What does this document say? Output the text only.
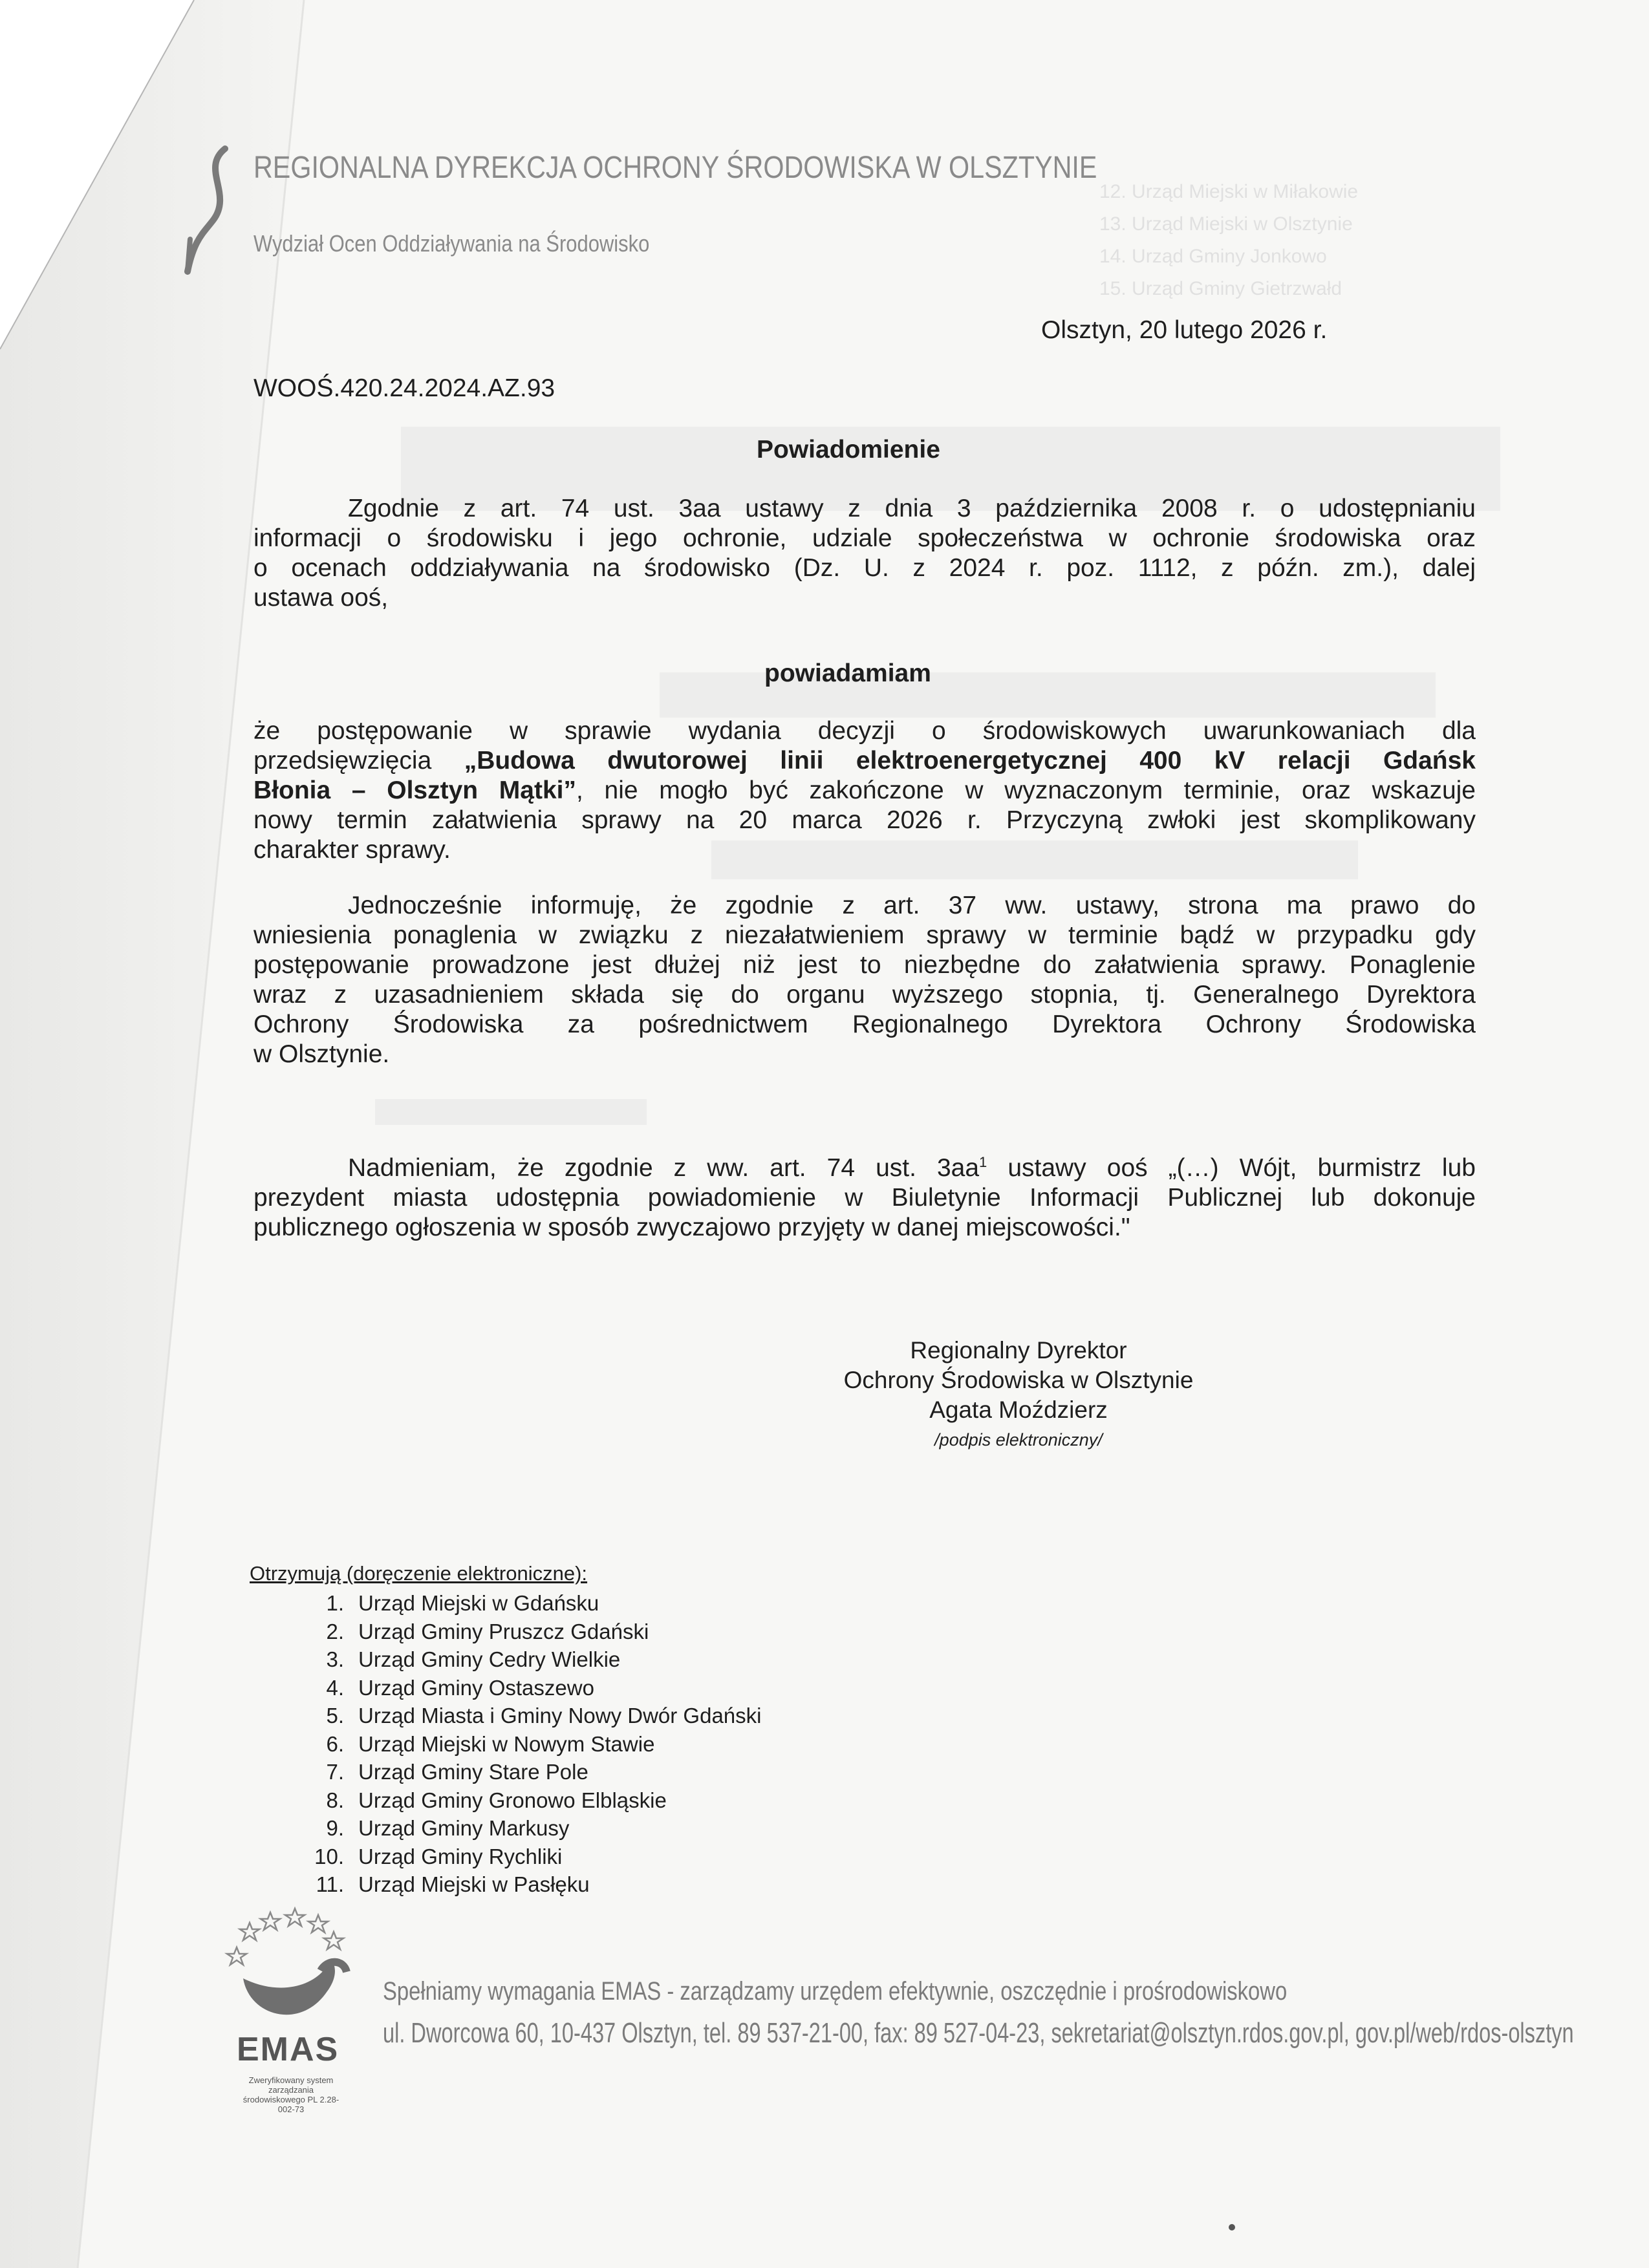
12. Urząd Miejski w Miłakowie
13. Urząd Miejski w Olsztynie
14. Urząd Gminy Jonkowo
15. Urząd Gminy Gietrzwałd
REGIONALNA DYREKCJA OCHRONY ŚRODOWISKA W OLSZTYNIE
Wydział Ocen Oddziaływania na Środowisko
Olsztyn, 20 lutego 2026 r.
WOOŚ.420.24.2024.AZ.93
Powiadomienie
Zgodnie z art. 74 ust. 3aa ustawy z dnia 3 października 2008 r. o udostępnianiu
informacji o środowisku i jego ochronie, udziale społeczeństwa w ochronie środowiska oraz
o ocenach oddziaływania na środowisko (Dz. U. z 2024 r. poz. 1112, z późn. zm.), dalej
ustawa ooś,
powiadamiam
że postępowanie w sprawie wydania decyzji o środowiskowych uwarunkowaniach dla
przedsięwzięcia „Budowa dwutorowej linii elektroenergetycznej 400 kV relacji Gdańsk
Błonia – Olsztyn Mątki”, nie mogło być zakończone w wyznaczonym terminie, oraz wskazuje
nowy termin załatwienia sprawy na 20 marca 2026 r. Przyczyną zwłoki jest skomplikowany
charakter sprawy.
Jednocześnie informuję, że zgodnie z art. 37 ww. ustawy, strona ma prawo do
wniesienia ponaglenia w związku z niezałatwieniem sprawy w terminie bądź w przypadku gdy
postępowanie prowadzone jest dłużej niż jest to niezbędne do załatwienia sprawy. Ponaglenie
wraz z uzasadnieniem składa się do organu wyższego stopnia, tj. Generalnego Dyrektora
Ochrony Środowiska za pośrednictwem Regionalnego Dyrektora Ochrony Środowiska
w Olsztynie.
Nadmieniam, że zgodnie z ww. art. 74 ust. $3aa^1$ ustawy ooś „(…) Wójt, burmistrz lub
prezydent miasta udostępnia powiadomienie w Biuletynie Informacji Publicznej lub dokonuje
publicznego ogłoszenia w sposób zwyczajowo przyjęty w danej miejscowości."
Regionalny Dyrektor
Ochrony Środowiska w Olsztynie
Agata Moździerz
/podpis elektroniczny/
Otrzymują (doręczenie elektroniczne):
1. Urząd Miejski w Gdańsku
2. Urząd Gminy Pruszcz Gdański
3. Urząd Gminy Cedry Wielkie
4. Urząd Gminy Ostaszewo
5. Urząd Miasta i Gminy Nowy Dwór Gdański
6. Urząd Miejski w Nowym Stawie
7. Urząd Gminy Stare Pole
8. Urząd Gminy Gronowo Elbląskie
9. Urząd Gminy Markusy
10. Urząd Gminy Rychliki
11. Urząd Miejski w Pasłęku
EMAS
Zweryfikowany system zarządzania środowiskowego PL 2.28-002-73
Spełniamy wymagania EMAS - zarządzamy urzędem efektywnie, oszczędnie i prośrodowiskowo
ul. Dworcowa 60, 10-437 Olsztyn, tel. 89 537-21-00, fax: 89 527-04-23, sekretariat@olsztyn.rdos.gov.pl, gov.pl/web/rdos-olsztyn
